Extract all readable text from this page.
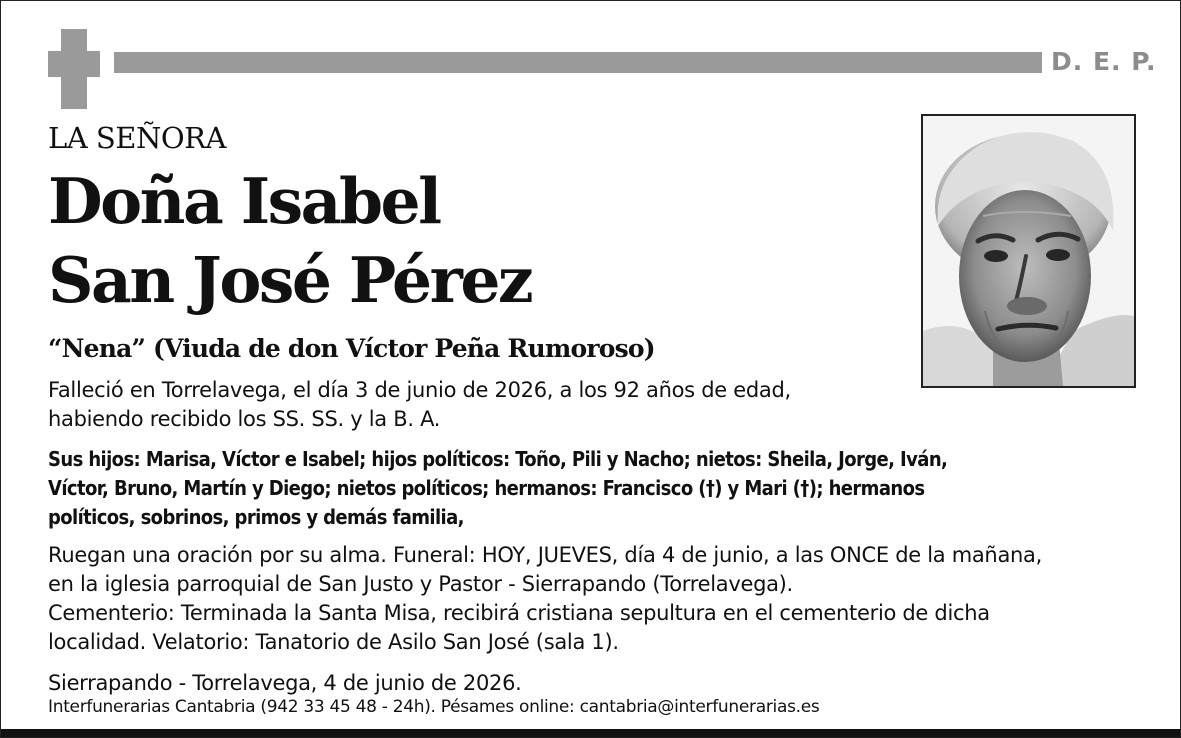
D. E. P.
LA SEÑORA
Doña Isabel
San José Pérez
“Nena” (Viuda de don Víctor Peña Rumoroso)
Falleció en Torrelavega, el día 3 de junio de 2026, a los 92 años de edad,
habiendo recibido los SS. SS. y la B. A.
Sus hijos: Marisa, Víctor e Isabel; hijos políticos: Toño, Pili y Nacho; nietos: Sheila, Jorge, Iván,
Víctor, Bruno, Martín y Diego; nietos políticos; hermanos: Francisco (†) y Mari (†); hermanos
políticos, sobrinos, primos y demás familia,
Ruegan una oración por su alma. Funeral: HOY, JUEVES, día 4 de junio, a las ONCE de la mañana,
en la iglesia parroquial de San Justo y Pastor - Sierrapando (Torrelavega).
Cementerio: Terminada la Santa Misa, recibirá cristiana sepultura en el cementerio de dicha
localidad. Velatorio: Tanatorio de Asilo San José (sala 1).
Sierrapando - Torrelavega, 4 de junio de 2026.
Interfunerarias Cantabria (942 33 45 48 - 24h). Pésames online: cantabria@interfunerarias.es
